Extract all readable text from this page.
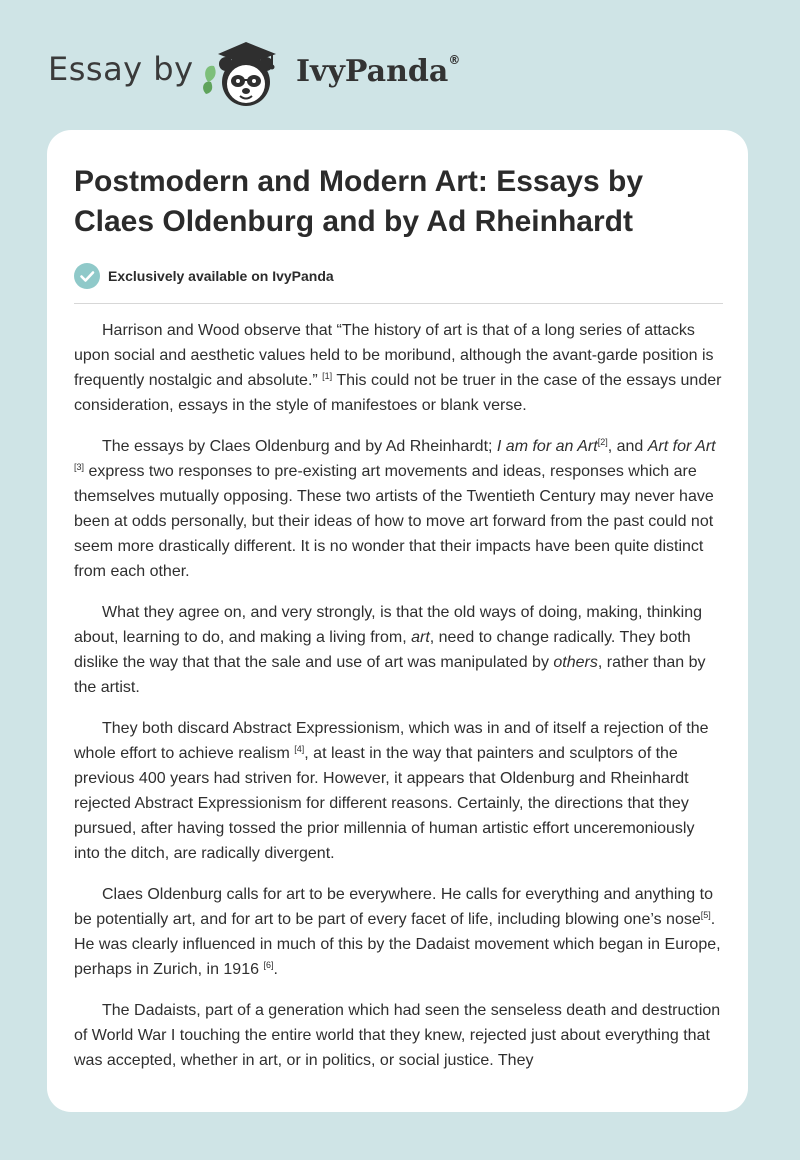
Essay by	IvyPanda®
Postmodern and Modern Art: Essays by Claes Oldenburg and by Ad Rheinhardt
Exclusively available on IvyPanda

Harrison and Wood observe that “The history of art is that of a long series of attacks upon social and aesthetic values held to be moribund, although the avant-garde position is frequently nostalgic and absolute.” [1] This could not be truer in the case of the essays under consideration, essays in the style of manifestoes or blank verse.

The essays by Claes Oldenburg and by Ad Rheinhardt; I am for an Art[2], and Art for Art [3] express two responses to pre-existing art movements and ideas, responses which are themselves mutually opposing. These two artists of the Twentieth Century may never have been at odds personally, but their ideas of how to move art forward from the past could not seem more drastically different. It is no wonder that their impacts have been quite distinct from each other.

What they agree on, and very strongly, is that the old ways of doing, making, thinking about, learning to do, and making a living from, art, need to change radically. They both dislike the way that that the sale and use of art was manipulated by others, rather than by the artist.

They both discard Abstract Expressionism, which was in and of itself a rejection of the whole effort to achieve realism [4], at least in the way that painters and sculptors of the previous 400 years had striven for. However, it appears that Oldenburg and Rheinhardt rejected Abstract Expressionism for different reasons. Certainly, the directions that they pursued, after having tossed the prior millennia of human artistic effort unceremoniously into the ditch, are radically divergent.

Claes Oldenburg calls for art to be everywhere. He calls for everything and anything to be potentially art, and for art to be part of every facet of life, including blowing one’s nose[5]. He was clearly influenced in much of this by the Dadaist movement which began in Europe, perhaps in Zurich, in 1916 [6].

The Dadaists, part of a generation which had seen the senseless death and destruction of World War I touching the entire world that they knew, rejected just about everything that was accepted, whether in art, or in politics, or social justice. They
